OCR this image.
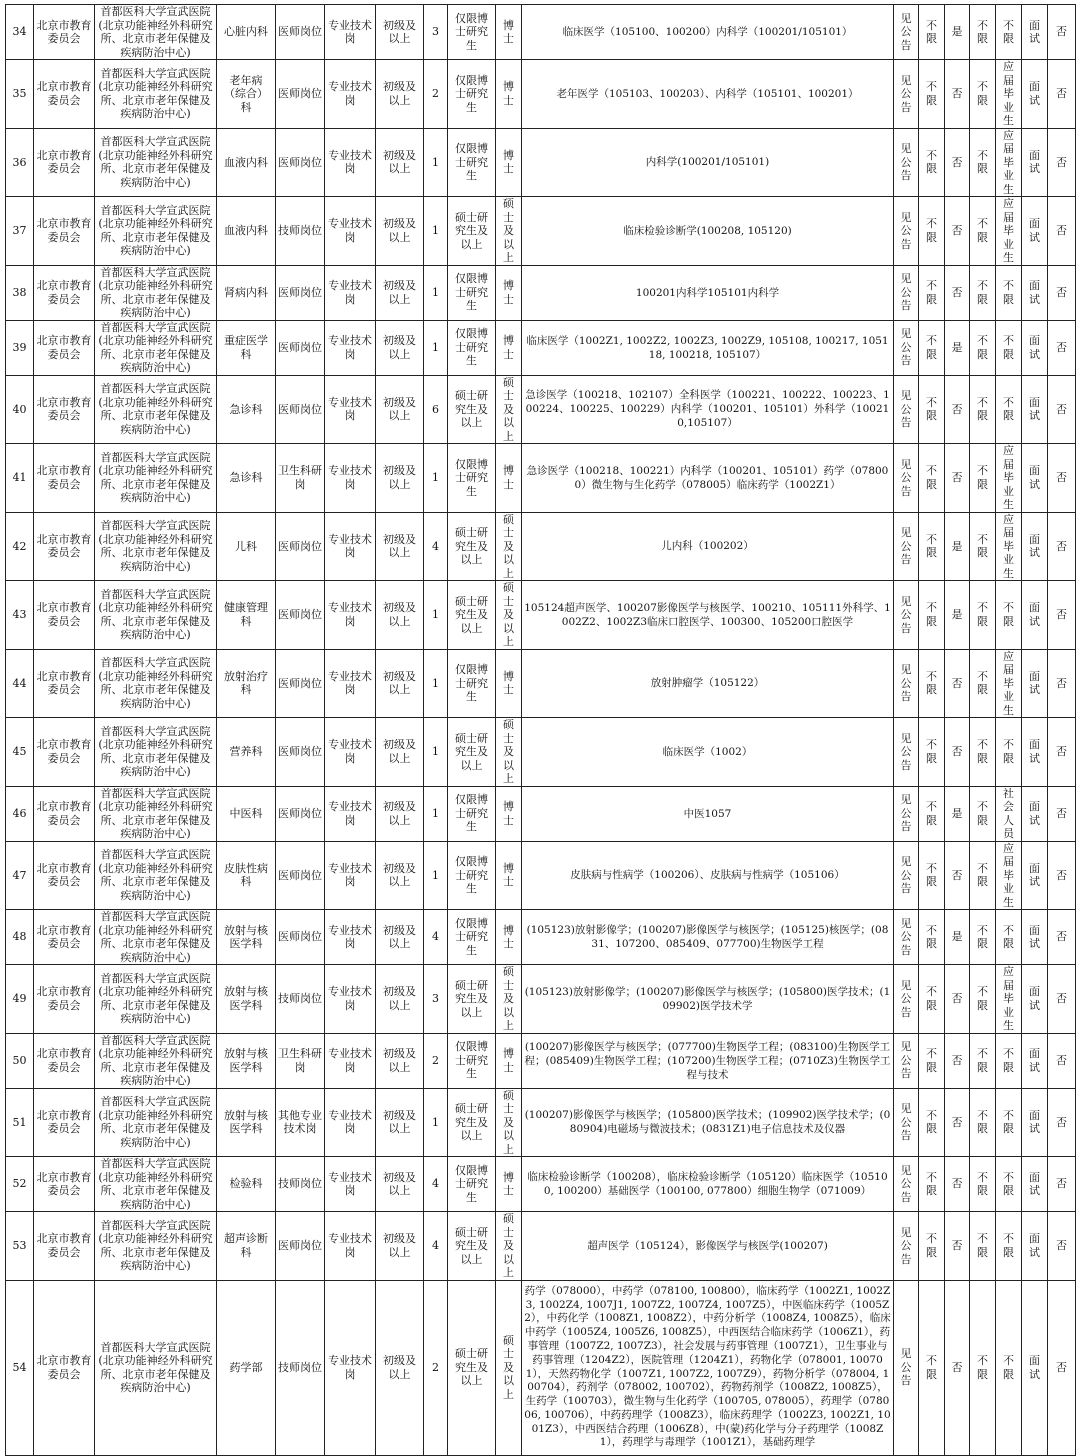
34	北京市教育委员会	首都医科大学宣武医院(北京功能神经外科研究所、北京市老年保健及疾病防治中心)	心脏内科	医师岗位	专业技术岗	初级及以上	3	仅限博士研究生	博士	临床医学（105100、100200）内科学（100201/105101）	见公告	不限	是	不限	不限	面试	否
35	北京市教育委员会	首都医科大学宣武医院(北京功能神经外科研究所、北京市老年保健及疾病防治中心)	老年病（综合）科	医师岗位	专业技术岗	初级及以上	2	仅限博士研究生	博士	老年医学（105103、100203）、内科学（105101、100201）	见公告	不限	否	不限	应届毕业生	面试	否
36	北京市教育委员会	首都医科大学宣武医院(北京功能神经外科研究所、北京市老年保健及疾病防治中心)	血液内科	医师岗位	专业技术岗	初级及以上	1	仅限博士研究生	博士	内科学(100201/105101)	见公告	不限	否	不限	应届毕业生	面试	否
37	北京市教育委员会	首都医科大学宣武医院(北京功能神经外科研究所、北京市老年保健及疾病防治中心)	血液内科	技师岗位	专业技术岗	初级及以上	1	硕士研究生及以上	硕士及以上	临床检验诊断学(100208, 105120)	见公告	不限	否	不限	应届毕业生	面试	否
38	北京市教育委员会	首都医科大学宣武医院(北京功能神经外科研究所、北京市老年保健及疾病防治中心)	肾病内科	医师岗位	专业技术岗	初级及以上	1	仅限博士研究生	博士	100201内科学105101内科学	见公告	不限	否	不限	不限	面试	否
39	北京市教育委员会	首都医科大学宣武医院(北京功能神经外科研究所、北京市老年保健及疾病防治中心)	重症医学科	医师岗位	专业技术岗	初级及以上	1	仅限博士研究生	博士	临床医学（1002Z1, 1002Z2, 1002Z3, 1002Z9, 105108, 100217, 105118, 100218, 105107）	见公告	不限	是	不限	不限	面试	否
40	北京市教育委员会	首都医科大学宣武医院(北京功能神经外科研究所、北京市老年保健及疾病防治中心)	急诊科	医师岗位	专业技术岗	初级及以上	6	硕士研究生及以上	硕士及以上	急诊医学（100218、102107）全科医学（100221、100222、100223、100224、100225、100229）内科学（100201、105101）外科学（100210,105107）	见公告	不限	否	不限	不限	面试	否
41	北京市教育委员会	首都医科大学宣武医院(北京功能神经外科研究所、北京市老年保健及疾病防治中心)	急诊科	卫生科研岗	专业技术岗	初级及以上	1	仅限博士研究生	博士	急诊医学（100218、100221）内科学（100201、105101）药学（078000）微生物与生化药学（078005）临床药学（1002Z1）	见公告	不限	否	不限	应届毕业生	面试	否
42	北京市教育委员会	首都医科大学宣武医院(北京功能神经外科研究所、北京市老年保健及疾病防治中心)	儿科	医师岗位	专业技术岗	初级及以上	4	硕士研究生及以上	硕士及以上	儿内科（100202）	见公告	不限	是	不限	应届毕业生	面试	否
43	北京市教育委员会	首都医科大学宣武医院(北京功能神经外科研究所、北京市老年保健及疾病防治中心)	健康管理科	医师岗位	专业技术岗	初级及以上	1	硕士研究生及以上	硕士及以上	105124超声医学、100207影像医学与核医学、100210、105111外科学、1002Z2、1002Z3临床口腔医学、100300、105200口腔医学	见公告	不限	是	不限	不限	面试	否
44	北京市教育委员会	首都医科大学宣武医院(北京功能神经外科研究所、北京市老年保健及疾病防治中心)	放射治疗科	医师岗位	专业技术岗	初级及以上	1	仅限博士研究生	博士	放射肿瘤学（105122）	见公告	不限	否	不限	应届毕业生	面试	否
45	北京市教育委员会	首都医科大学宣武医院(北京功能神经外科研究所、北京市老年保健及疾病防治中心)	营养科	医师岗位	专业技术岗	初级及以上	1	硕士研究生及以上	硕士及以上	临床医学（1002）	见公告	不限	否	不限	不限	面试	否
46	北京市教育委员会	首都医科大学宣武医院(北京功能神经外科研究所、北京市老年保健及疾病防治中心)	中医科	医师岗位	专业技术岗	初级及以上	1	仅限博士研究生	博士	中医1057	见公告	不限	是	不限	社会人员	面试	否
47	北京市教育委员会	首都医科大学宣武医院(北京功能神经外科研究所、北京市老年保健及疾病防治中心)	皮肤性病科	医师岗位	专业技术岗	初级及以上	1	仅限博士研究生	博士	皮肤病与性病学（100206）、皮肤病与性病学（105106）	见公告	不限	否	不限	应届毕业生	面试	否
48	北京市教育委员会	首都医科大学宣武医院(北京功能神经外科研究所、北京市老年保健及疾病防治中心)	放射与核医学科	医师岗位	专业技术岗	初级及以上	4	仅限博士研究生	博士	(105123)放射影像学；(100207)影像医学与核医学；(105125)核医学；(0831、107200、085409、077700)生物医学工程	见公告	不限	是	不限	不限	面试	否
49	北京市教育委员会	首都医科大学宣武医院(北京功能神经外科研究所、北京市老年保健及疾病防治中心)	放射与核医学科	技师岗位	专业技术岗	初级及以上	3	硕士研究生及以上	硕士及以上	(105123)放射影像学；(100207)影像医学与核医学；(105800)医学技术；(109902)医学技术学	见公告	不限	否	不限	应届毕业生	面试	否
50	北京市教育委员会	首都医科大学宣武医院(北京功能神经外科研究所、北京市老年保健及疾病防治中心)	放射与核医学科	卫生科研岗	专业技术岗	初级及以上	2	仅限博士研究生	博士	(100207)影像医学与核医学；(077700)生物医学工程；(083100)生物医学工程；(085409)生物医学工程；(107200)生物医学工程；(0710Z3)生物医学工程与技术	见公告	不限	否	不限	不限	面试	否
51	北京市教育委员会	首都医科大学宣武医院(北京功能神经外科研究所、北京市老年保健及疾病防治中心)	放射与核医学科	其他专业技术岗	专业技术岗	初级及以上	1	硕士研究生及以上	硕士及以上	(100207)影像医学与核医学；(105800)医学技术；(109902)医学技术学；(080904)电磁场与微波技术；(0831Z1)电子信息技术及仪器	见公告	不限	否	不限	不限	面试	否
52	北京市教育委员会	首都医科大学宣武医院(北京功能神经外科研究所、北京市老年保健及疾病防治中心)	检验科	技师岗位	专业技术岗	初级及以上	4	仅限博士研究生	博士	临床检验诊断学（100208），临床检验诊断学（105120）临床医学（105100, 100200）基础医学（100100, 077800）细胞生物学（071009）	见公告	不限	否	不限	不限	面试	否
53	北京市教育委员会	首都医科大学宣武医院(北京功能神经外科研究所、北京市老年保健及疾病防治中心)	超声诊断科	医师岗位	专业技术岗	初级及以上	4	硕士研究生及以上	硕士及以上	超声医学（105124），影像医学与核医学(100207)	见公告	不限	否	不限	不限	面试	否
54	北京市教育委员会	首都医科大学宣武医院(北京功能神经外科研究所、北京市老年保健及疾病防治中心)	药学部	技师岗位	专业技术岗	初级及以上	2	硕士研究生及以上	硕士及以上	药学（078000），中药学（078100, 100800），临床药学（1002Z1, 1002Z3, 1002Z4, 1007J1, 1007Z2, 1007Z4, 1007Z5），中医临床药学（1005Z2），中药化学（1008Z1, 1008Z2），中药分析学（1008Z4, 1008Z5），临床中药学（1005Z4, 1005Z6, 1008Z5），中西医结合临床药学（1006Z1），药事管理（1007Z2, 1007Z3），社会发展与药事管理（1007Z1），卫生事业与药事管理（1204Z2），医院管理（1204Z1），药物化学（078001, 100701），天然药物化学（1007Z1, 1007Z2, 1007Z9），药物分析学（078004, 100704），药剂学（078002, 100702），药物药剂学（1008Z2, 1008Z5），生药学（100703），微生物与生化药学（100705, 078005），药理学（078006, 100706），中药药理学（1008Z3），临床药理学（1002Z3, 1002Z1, 1001Z3），中西医结合药理（1006Z8），中(蒙)药化学与分子药理学（1008Z1），药理学与毒理学（1001Z1），基础药理学	见公告	不限	否	不限	不限	面试	否
